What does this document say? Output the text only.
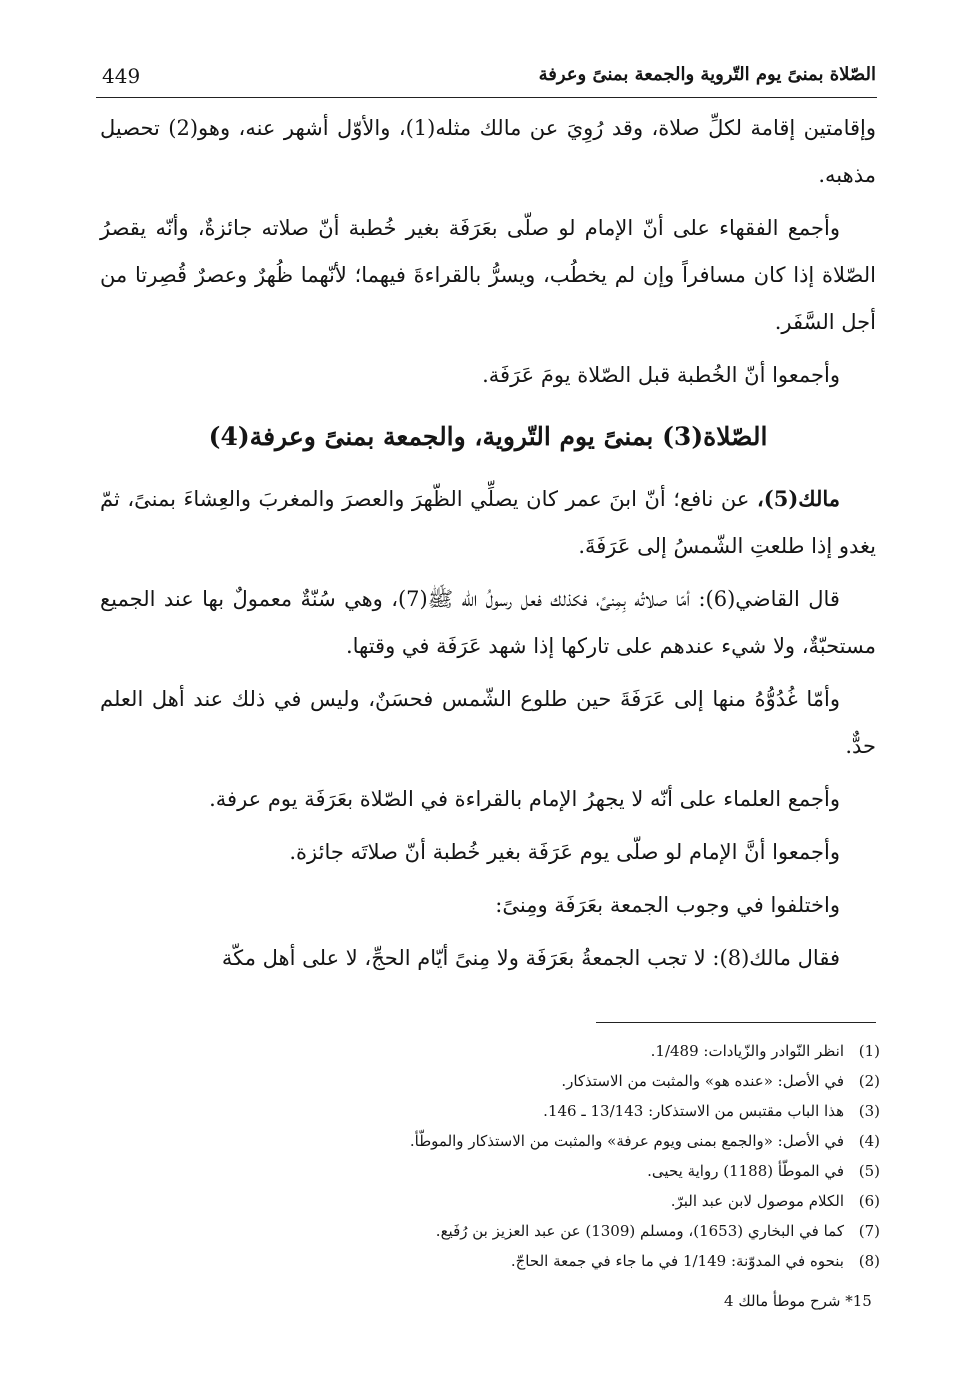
الصّلاة بمنىً يوم التّروية والجمعة بمنىً وعرفة
449

وإقامتين إقامة لكلِّ صلاة، وقد رُوِيَ عن مالك مثله(1)، والأوّل أشهر عنه، وهو(2) تحصيل مذهبه.

وأجمع الفقهاء على أنّ الإمام لو صلّى بعَرَفَة بغير خُطبة أنّ صلاته جائزةٌ، وأنّه يقصرُ الصّلاة إذا كان مسافراً وإن لم يخطُب، ويسرُّ بالقراءةَ فيهما؛ لأنّهما ظُهرٌ وعصرٌ قُصِرتا من أجل السَّفَر.

وأجمعوا أنّ الخُطبة قبل الصّلاة يومَ عَرَفَة.

الصّلاة(3) بمنىً يوم التّروية، والجمعة بمنىً وعرفة(4)

مالك(5)، عن نافع؛ أنّ ابنَ عمر كان يصلِّي الظّهرَ والعصرَ والمغربَ والعِشاءَ بمنىً، ثمّ يغدو إذا طلعتِ الشّمسُ إلى عَرَفَةَ.

قال القاضي(6): أمّا صلاتُه بِمِنىً، فكذلك فعل رسولُ الله ﷺ(7)، وهي سُنّةٌ معمولٌ بها عند الجميع مستحبّةٌ، ولا شيء عندهم على تاركها إذا شهد عَرَفَة في وقتها.

وأمّا غُدُوُّهُ منها إلى عَرَفَةَ حين طلوع الشّمس فحسَنٌ، وليس في ذلك عند أهل العلم حدٌّ.

وأجمع العلماء على أنّه لا يجهرُ الإمام بالقراءة في الصّلاة بعَرَفَة يوم عرفة.

وأجمعوا أنَّ الإمام لو صلّى يوم عَرَفَة بغير خُطبة أنّ صلاتَه جائزة.

واختلفوا في وجوب الجمعة بعَرَفَة ومِنىً:

فقال مالك(8): لا تجب الجمعةُ بعَرَفَة ولا مِنىً أيّام الحجِّ، لا على أهل مكّة

(1)
انظر النّوادر والزّيادات: 1/489.
(2)
في الأصل: «عنده هو» والمثبت من الاستذكار.
(3)
هذا الباب مقتبس من الاستذكار: 13/143 ـ 146.
(4)
في الأصل: «والجمع بمنى ويوم عرفة» والمثبت من الاستذكار والموطّأ.
(5)
في الموطّأ (1188) رواية يحيى.
(6)
الكلام موصول لابن عبد البرّ.
(7)
كما في البخاري (1653)، ومسلم (1309) عن عبد العزيز بن رُفَيع.
(8)
بنحوه في المدوّنة: 1/149 في ما جاء في جمعة الحاجّ.
15* شرح موطأ مالك 4
